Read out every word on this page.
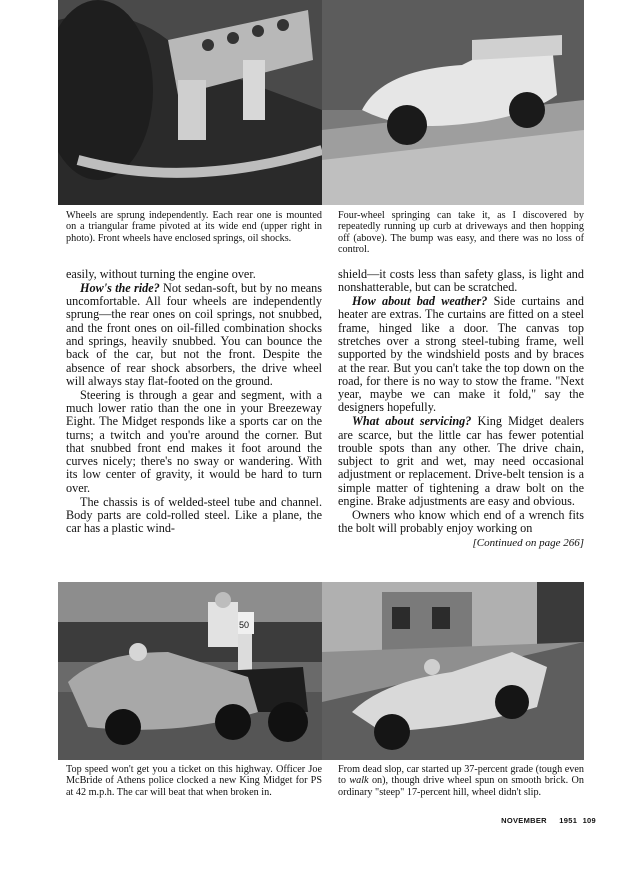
Wheels are sprung independently. Each rear one is mounted on a triangular frame pivoted at its wide end (upper right in photo). Front wheels have enclosed springs, oil shocks.
Four-wheel springing can take it, as I discovered by repeatedly running up curb at driveways and then hopping off (above). The bump was easy, and there was no loss of control.

easily, without turning the engine over.

How's the ride? Not sedan-soft, but by no means uncomfortable. All four wheels are independently sprung—the rear ones on coil springs, not snubbed, and the front ones on oil-filled combination shocks and springs, heavily snubbed. You can bounce the back of the car, but not the front. Despite the absence of rear shock absorbers, the drive wheel will always stay flat-footed on the ground.

Steering is through a gear and segment, with a much lower ratio than the one in your Breezeway Eight. The Midget responds like a sports car on the turns; a twitch and you're around the corner. But that snubbed front end makes it foot around the curves nicely; there's no sway or wandering. With its low center of gravity, it would be hard to turn over.

The chassis is of welded-steel tube and channel. Body parts are cold-rolled steel. Like a plane, the car has a plastic wind-

shield—it costs less than safety glass, is light and nonshatterable, but can be scratched.

How about bad weather? Side curtains and heater are extras. The curtains are fitted on a steel frame, hinged like a door. The canvas top stretches over a strong steel-tubing frame, well supported by the windshield posts and by braces at the rear. But you can't take the top down on the road, for there is no way to stow the frame. "Next year, maybe we can make it fold," say the designers hopefully.

What about servicing? King Midget dealers are scarce, but the little car has fewer potential trouble spots than any other. The drive chain, subject to grit and wet, may need occasional adjustment or replacement. Drive-belt tension is a simple matter of tightening a draw bolt on the engine. Brake adjustments are easy and obvious.

Owners who know which end of a wrench fits the bolt will probably enjoy working on

[Continued on page 266]
50
Top speed won't get you a ticket on this highway. Officer Joe McBride of Athens police clocked a new King Midget for PS at 42 m.p.h. The car will beat that when broken in.
From dead slop, car started up 37-percent grade (tough even to walk on), though drive wheel spun on smooth brick. On ordinary "steep" 17-percent hill, wheel didn't slip.
NOVEMBER 1951 109
